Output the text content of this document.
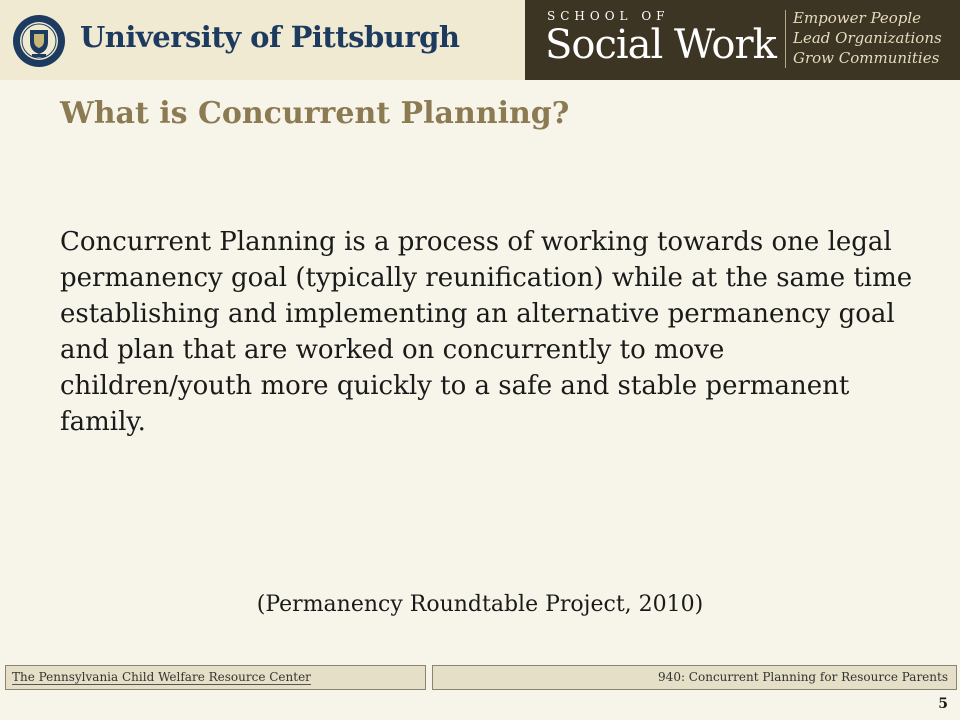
University of Pittsburgh
SCHOOL OF
Social Work
Empower People
Lead Organizations
Grow Communities
What is Concurrent Planning?

Concurrent Planning is a process of working towards one legal permanency goal (typically reunification) while at the same time establishing and implementing an alternative permanency goal and plan that are worked on concurrently to move children/youth more quickly to a safe and stable permanent family.

(Permanency Roundtable Project, 2010)
The Pennsylvania Child Welfare Resource Center	940: Concurrent Planning for Resource Parents
5
